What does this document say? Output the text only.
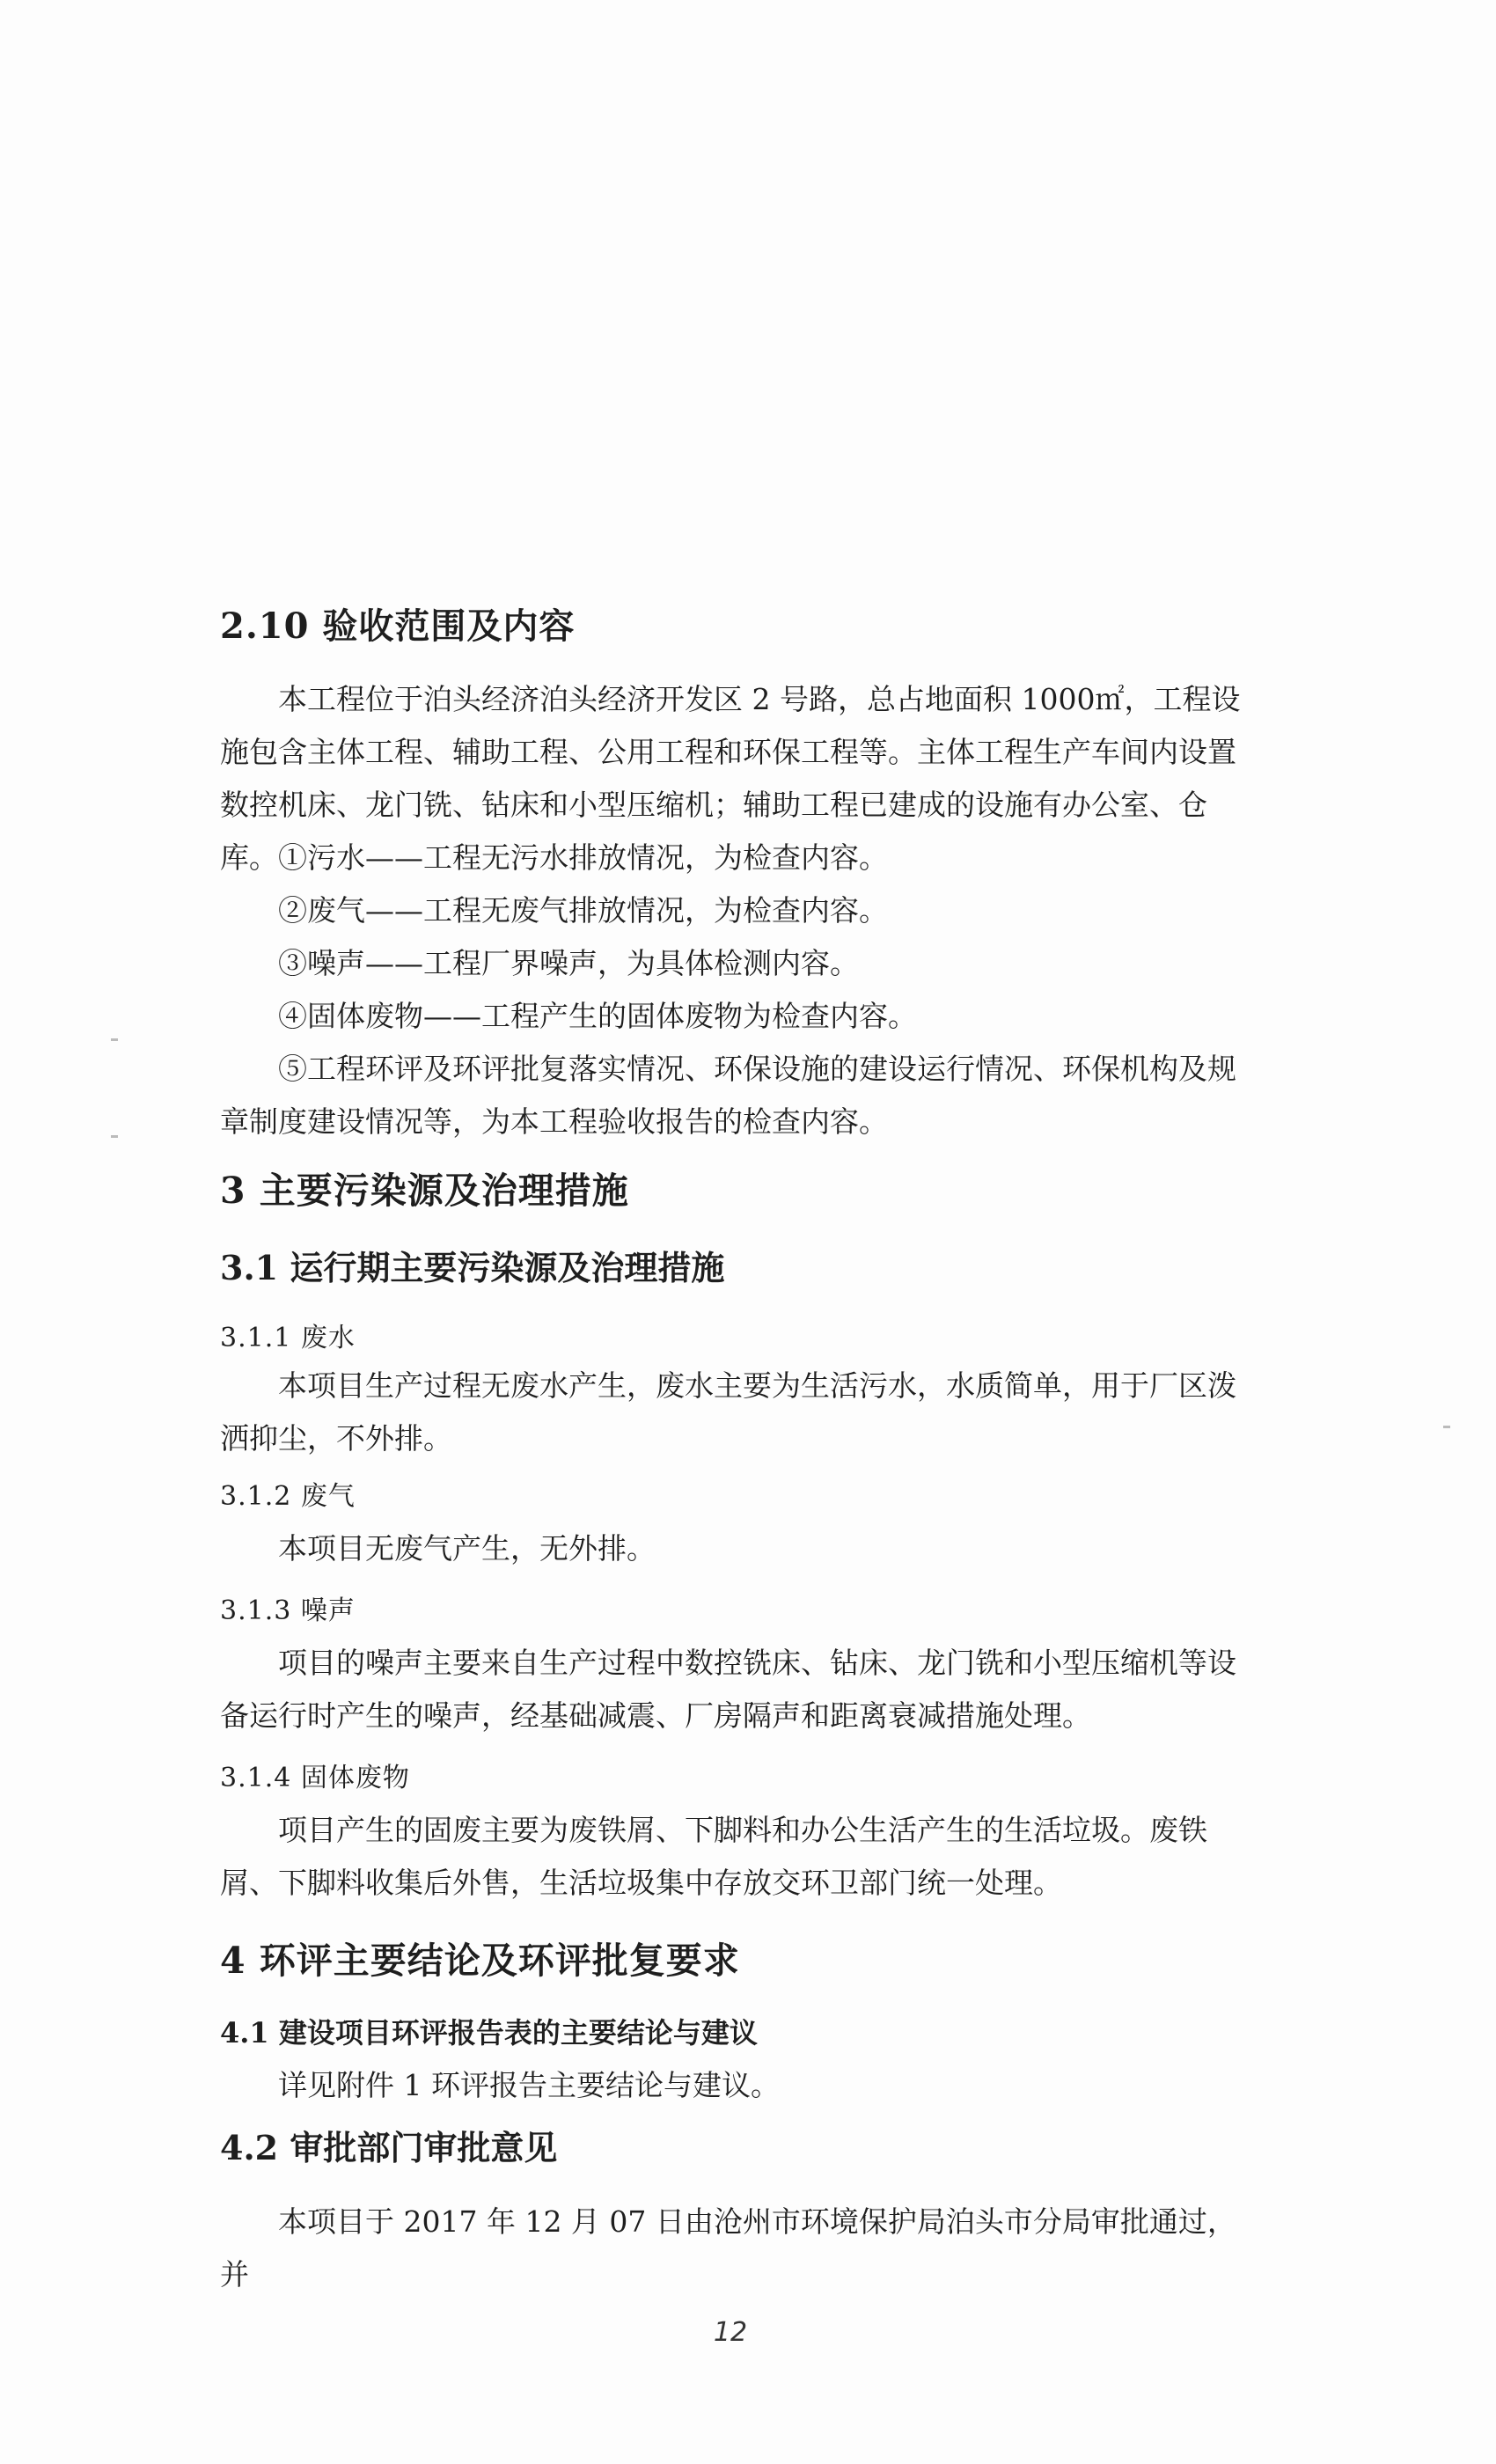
2.10 验收范围及内容

本工程位于泊头经济泊头经济开发区 2 号路，总占地面积 1000㎡，工程设施包含主体工程、辅助工程、公用工程和环保工程等。主体工程生产车间内设置数控机床、龙门铣、钻床和小型压缩机；辅助工程已建成的设施有办公室、仓库。 ①污水——工程无污水排放情况，为检查内容。
②废气——工程无废气排放情况，为检查内容。
③噪声——工程厂界噪声，为具体检测内容。
④固体废物——工程产生的固体废物为检查内容。

⑤工程环评及环评批复落实情况、环保设施的建设运行情况、环保机构及规章制度建设情况等，为本工程验收报告的检查内容。

3 主要污染源及治理措施
3.1 运行期主要污染源及治理措施
3.1.1 废水

本项目生产过程无废水产生，废水主要为生活污水，水质简单，用于厂区泼洒抑尘，不外排。

3.1.2 废气

本项目无废气产生，无外排。

3.1.3 噪声

项目的噪声主要来自生产过程中数控铣床、钻床、龙门铣和小型压缩机等设备运行时产生的噪声，经基础减震、厂房隔声和距离衰减措施处理。

3.1.4 固体废物

项目产生的固废主要为废铁屑、下脚料和办公生活产生的生活垃圾。废铁屑、下脚料收集后外售，生活垃圾集中存放交环卫部门统一处理。

4 环评主要结论及环评批复要求
4.1 建设项目环评报告表的主要结论与建议

详见附件 1 环评报告主要结论与建议。

4.2 审批部门审批意见

本项目于 2017 年 12 月 07 日由沧州市环境保护局泊头市分局审批通过，并

12
